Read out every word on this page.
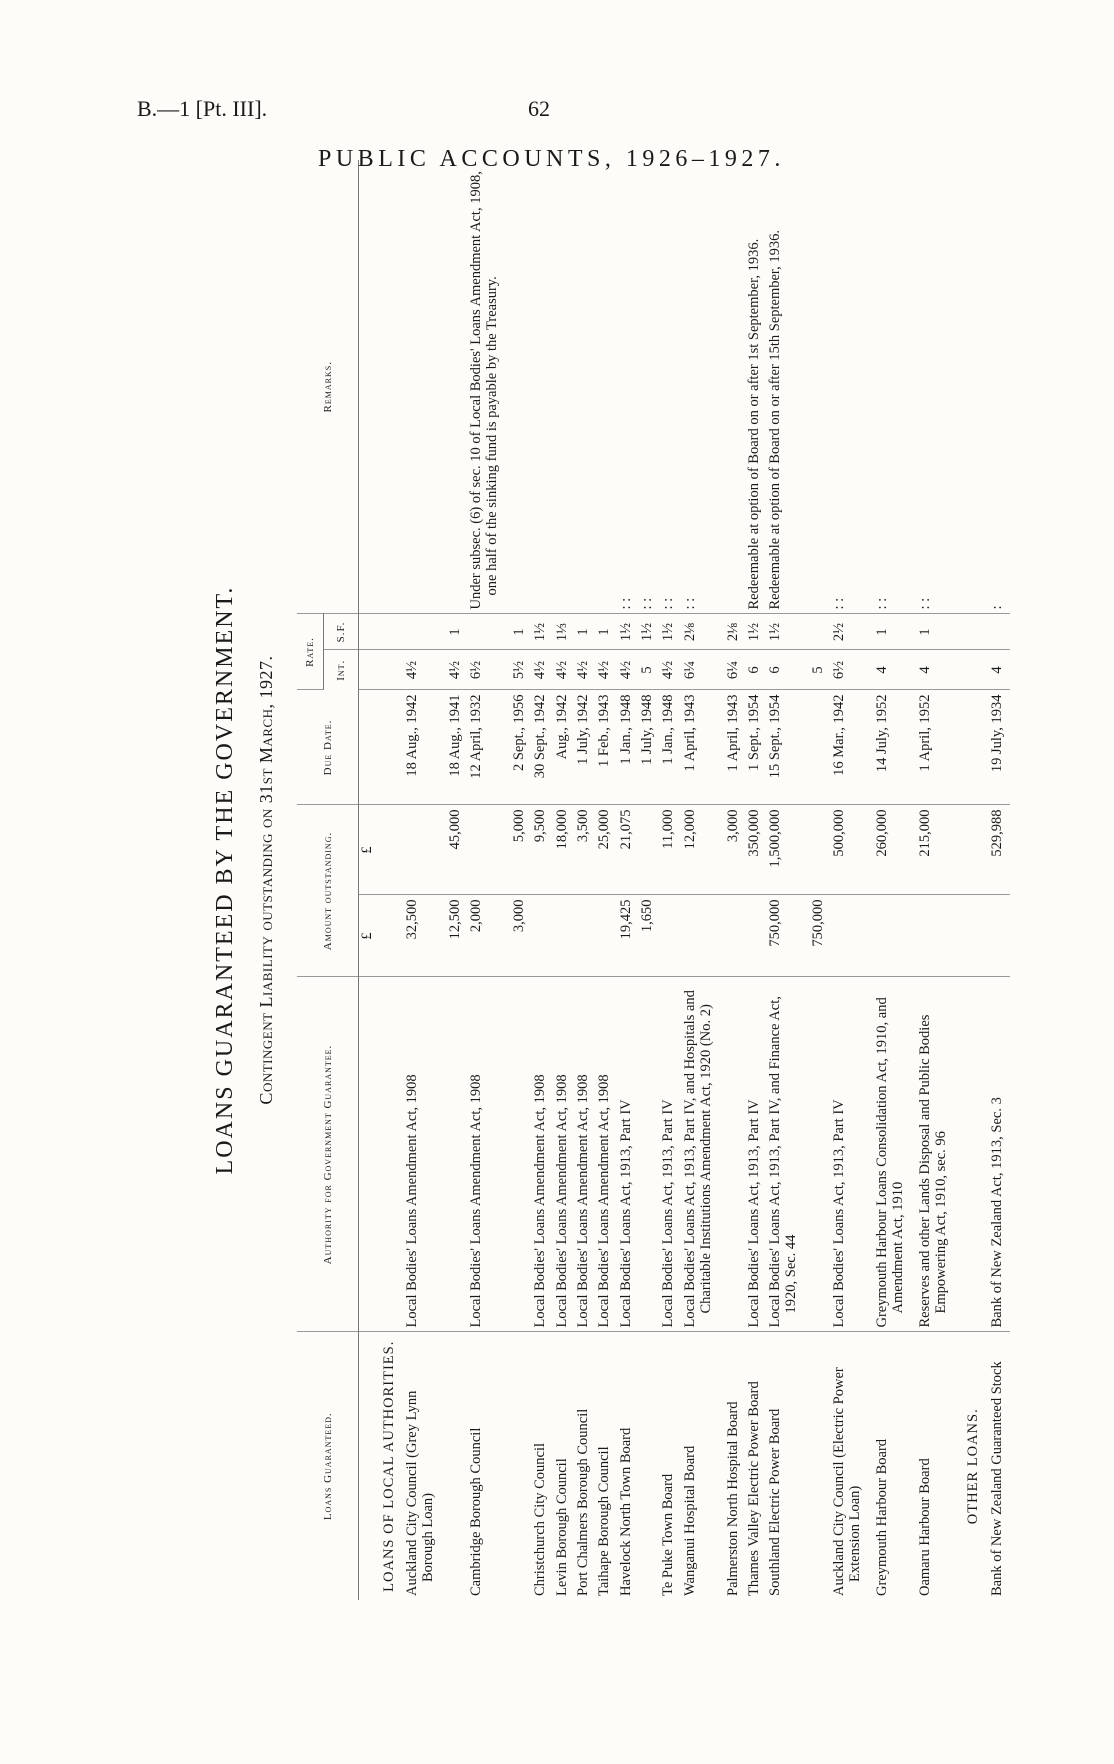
B.—1 [Pt. III].	62
PUBLIC ACCOUNTS, 1926–1927.
LOANS GUARANTEED BY THE GOVERNMENT. Contingent Liability outstanding on 31st March, 1927.
Loans Guaranteed.	Authority for Government Guarantee.	Amount outstanding.		Due Date.	Rate.		Remarks.
					Int.	S.F.	
		£	£				
LOANS OF LOCAL AUTHORITIES.							
Auckland City Council (Grey Lynn Borough Loan)	Local Bodies' Loans Amendment Act, 1908	32,500		18 Aug., 1942	4½		
		12,500	45,000	18 Aug., 1941	4½	1	
Cambridge Borough Council	Local Bodies' Loans Amendment Act, 1908	2,000		12 April, 1932	6½		Under subsec. (6) of sec. 10 of Local Bodies' Loans Amendment Act, 1908, one half of the sinking fund is payable by the Treasury.
		3,000	5,000	2 Sept., 1956	5½	1	
Christchurch City Council	Local Bodies' Loans Amendment Act, 1908		9,500	30 Sept., 1942	4½	1½	
Levin Borough Council	Local Bodies' Loans Amendment Act, 1908		18,000	Aug., 1942	4½	1⅓	
Port Chalmers Borough Council	Local Bodies' Loans Amendment Act, 1908		3,500	1 July, 1942	4½	1	
Taihape Borough Council	Local Bodies' Loans Amendment Act, 1908		25,000	1 Feb., 1943	4½	1	
Havelock North Town Board	Local Bodies' Loans Act, 1913, Part IV	19,425	21,075	1 Jan., 1948	4½	1½	: :
		1,650		1 July, 1948	5	1½	: :
Te Puke Town Board	Local Bodies' Loans Act, 1913, Part IV		11,000	1 Jan., 1948	4½	1½	: :
Wanganui Hospital Board	Local Bodies' Loans Act, 1913, Part IV, and Hospitals and Charitable Institutions Amendment Act, 1920 (No. 2)		12,000	1 April, 1943	6¼	2⅛	: :
Palmerston North Hospital Board			3,000	1 April, 1943	6¼	2⅛	
Thames Valley Electric Power Board	Local Bodies' Loans Act, 1913, Part IV		350,000	1 Sept., 1954	6	1½	Redeemable at option of Board on or after 1st September, 1936.
Southland Electric Power Board	Local Bodies' Loans Act, 1913, Part IV, and Finance Act, 1920, Sec. 44	750,000	1,500,000	15 Sept., 1954	6	1½	Redeemable at option of Board on or after 15th September, 1936.
		750,000			5		
Auckland City Council (Electric Power Extension Loan)	Local Bodies' Loans Act, 1913, Part IV		500,000	16 Mar., 1942	6½	2½	: :
Greymouth Harbour Board	Greymouth Harbour Loans Consolidation Act, 1910, and Amendment Act, 1910		260,000	14 July, 1952	4	1	: :
Oamaru Harbour Board	Reserves and other Lands Disposal and Public Bodies Empowering Act, 1910, sec. 96		215,000	1 April, 1952	4	1	: :
OTHER LOANS.							
Bank of New Zealand Guaranteed Stock	Bank of New Zealand Act, 1913, Sec. 3		529,988	19 July, 1934	4		:
